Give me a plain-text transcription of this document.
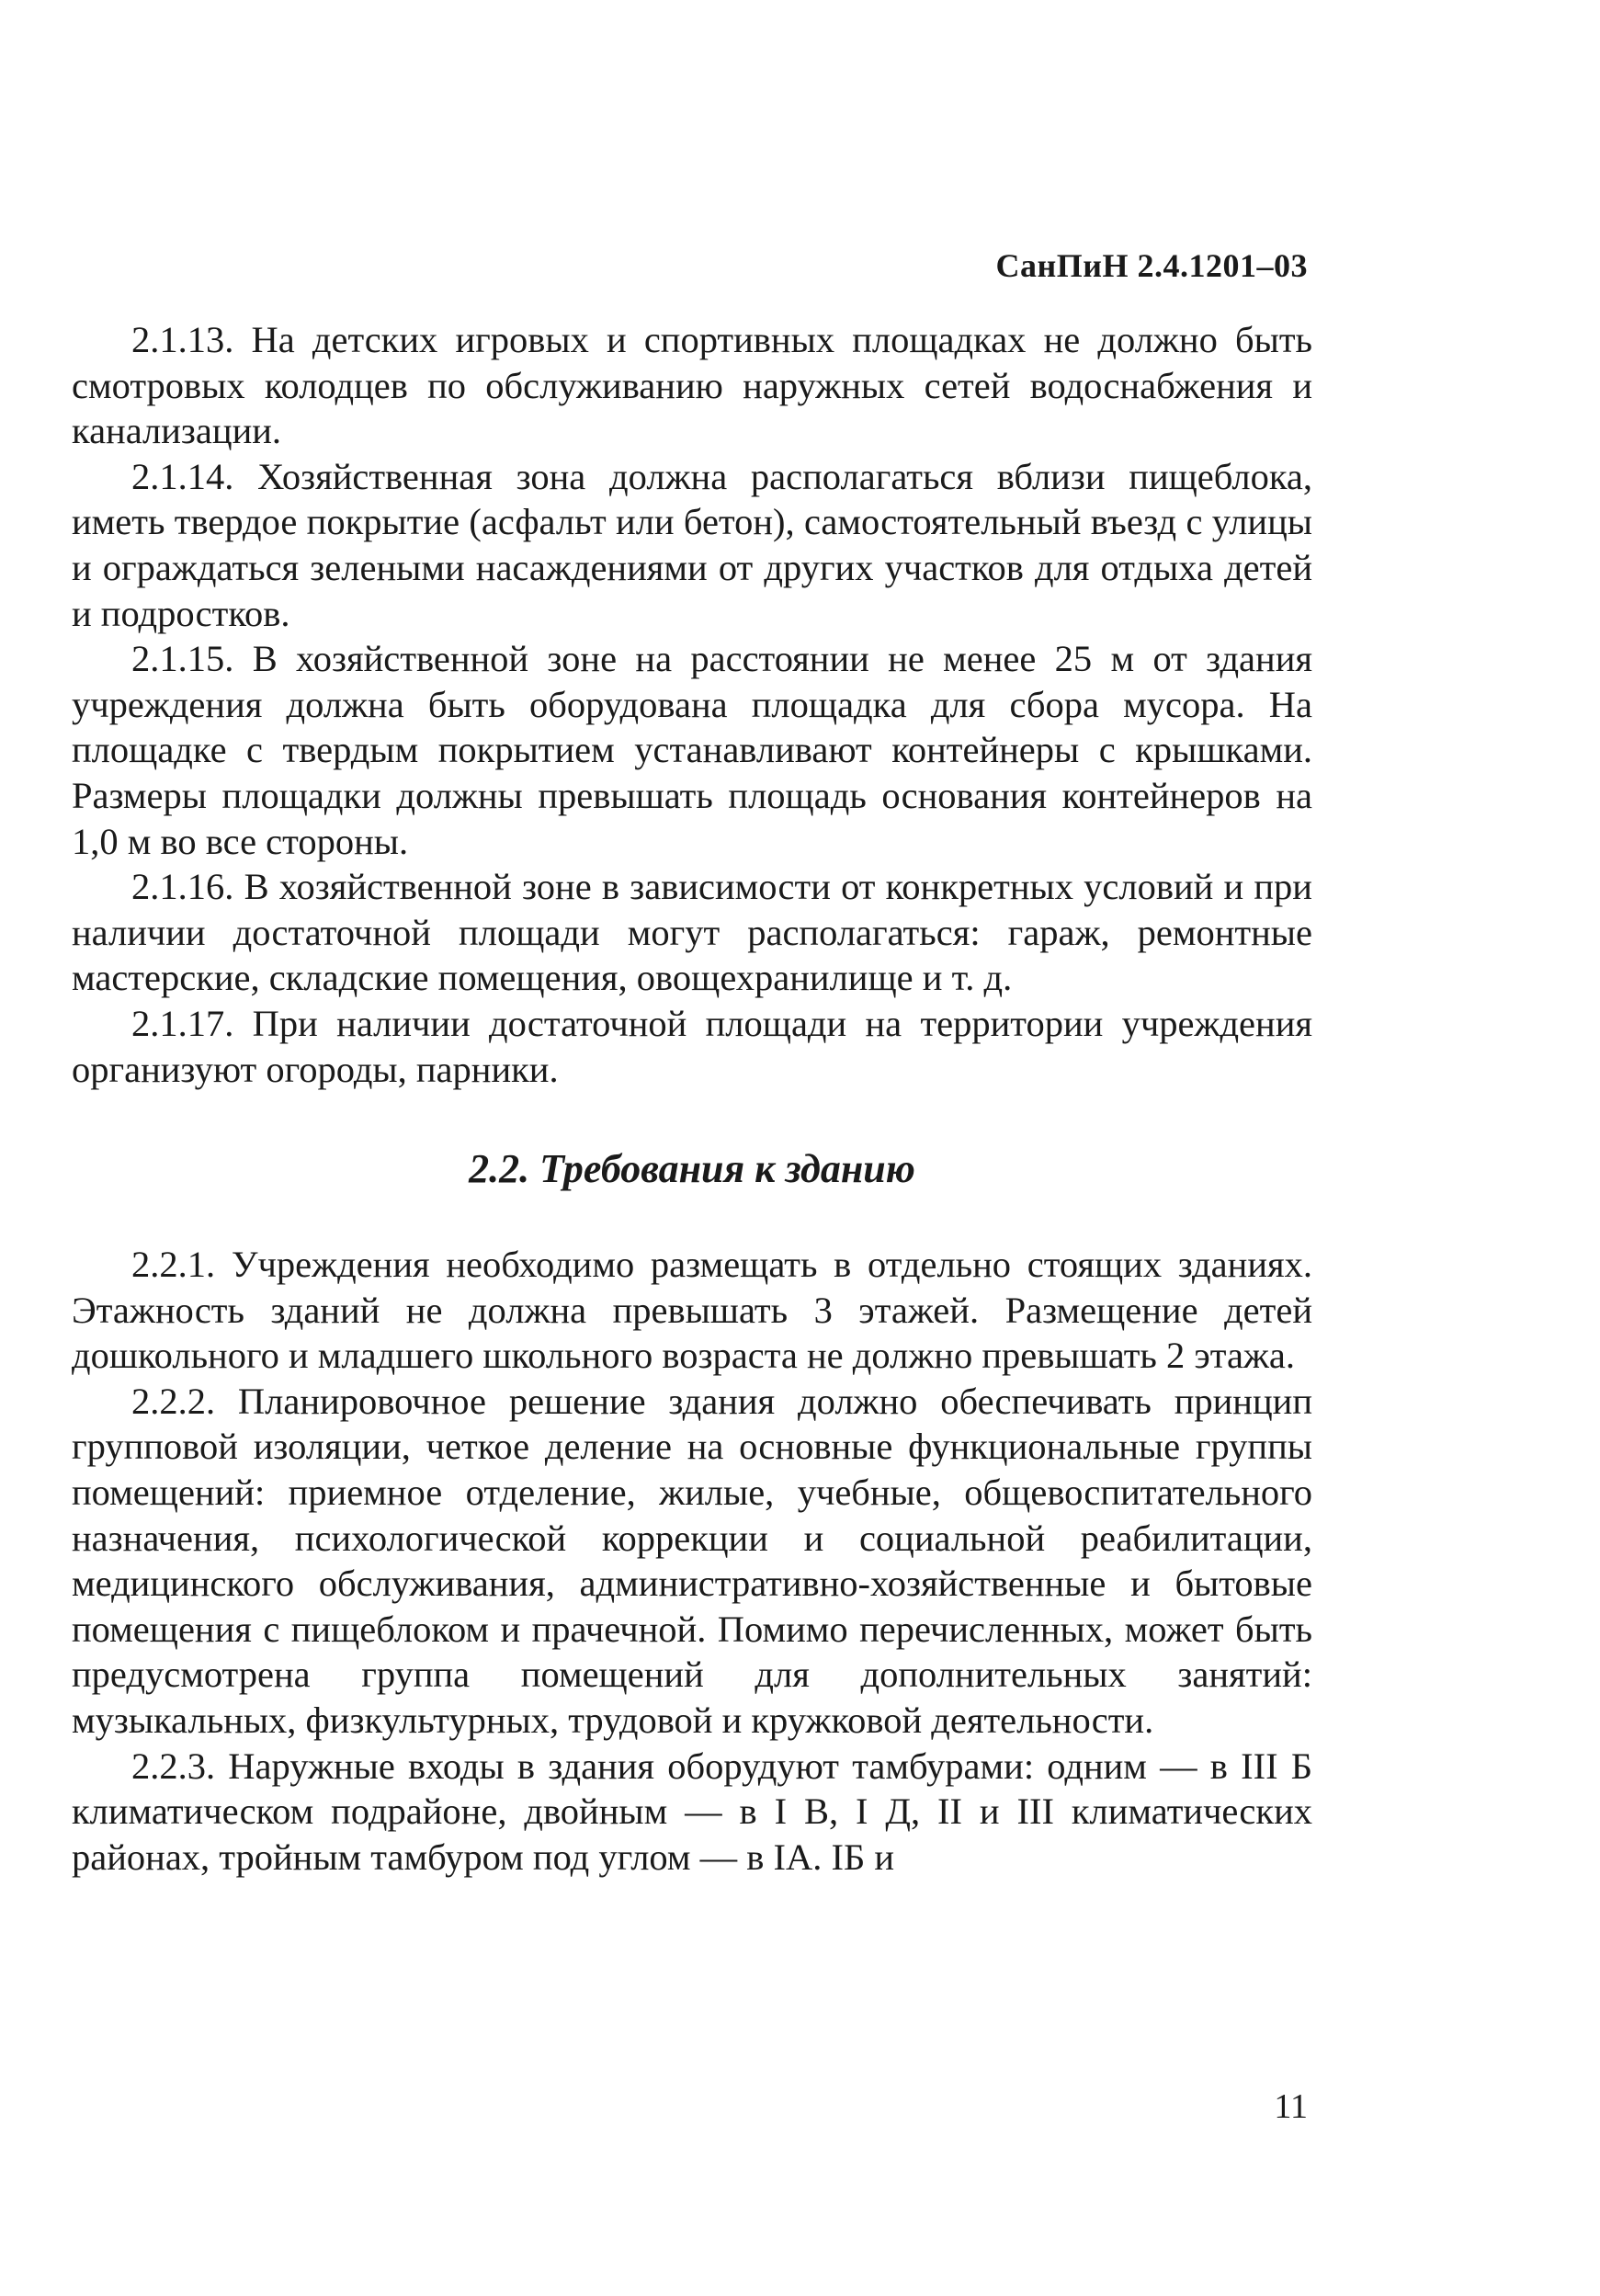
СанПиН 2.4.1201–03

2.1.13. На детских игровых и спортивных площадках не должно быть смотровых колодцев по обслуживанию наружных сетей водоснабжения и канализации.

2.1.14. Хозяйственная зона должна располагаться вблизи пищеблока, иметь твердое покрытие (асфальт или бетон), самостоятельный въезд с улицы и ограждаться зелеными насаждениями от других участков для отдыха детей и подростков.

2.1.15. В хозяйственной зоне на расстоянии не менее 25 м от здания учреждения должна быть оборудована площадка для сбора мусора. На площадке с твердым покрытием устанавливают контейнеры с крышками. Размеры площадки должны превышать площадь основания контейнеров на 1,0 м во все стороны.

2.1.16. В хозяйственной зоне в зависимости от конкретных условий и при наличии достаточной площади могут располагаться: гараж, ремонтные мастерские, складские помещения, овощехранилище и т. д.

2.1.17. При наличии достаточной площади на территории учреждения организуют огороды, парники.

2.2. Требования к зданию

2.2.1. Учреждения необходимо размещать в отдельно стоящих зданиях. Этажность зданий не должна превышать 3 этажей. Размещение детей дошкольного и младшего школьного возраста не должно превышать 2 этажа.

2.2.2. Планировочное решение здания должно обеспечивать принцип групповой изоляции, четкое деление на основные функциональные группы помещений: приемное отделение, жилые, учебные, общевоспитательного назначения, психологической коррекции и социальной реабилитации, медицинского обслуживания, административно-хозяйственные и бытовые помещения с пищеблоком и прачечной. Помимо перечисленных, может быть предусмотрена группа помещений для дополнительных занятий: музыкальных, физкультурных, трудовой и кружковой деятельности.

2.2.3. Наружные входы в здания оборудуют тамбурами: одним — в III Б климатическом подрайоне, двойным — в I В, I Д, II и III климатических районах, тройным тамбуром под углом — в IА. IБ и

11
